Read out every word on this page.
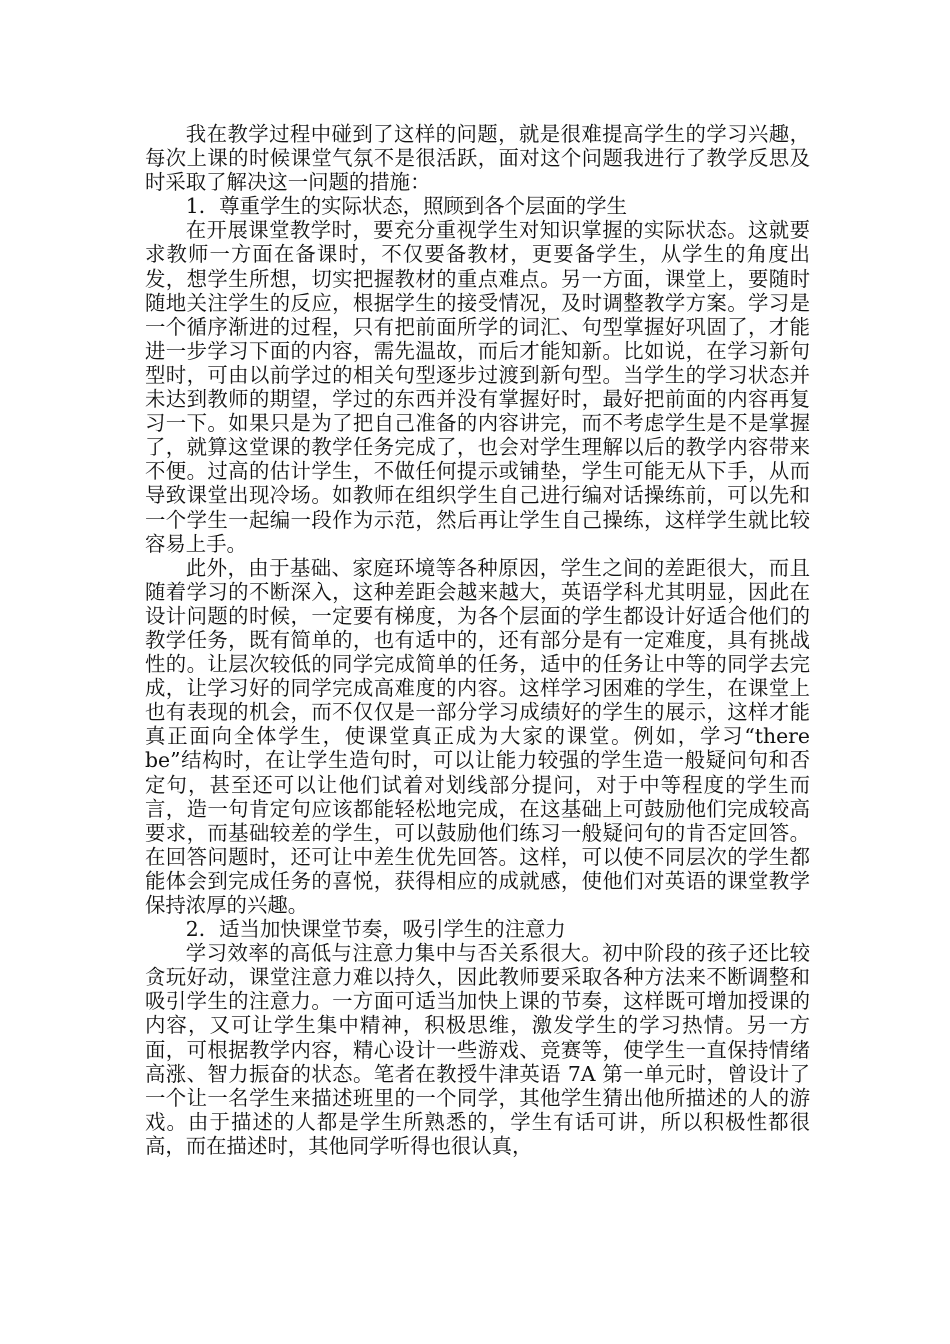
我在教学过程中碰到了这样的问题，就是很难提高学生的学习兴趣，每次上课的时候课堂气氛不是很活跃，面对这个问题我进行了教学反思及时采取了解决这一问题的措施：

1．尊重学生的实际状态，照顾到各个层面的学生

在开展课堂教学时，要充分重视学生对知识掌握的实际状态。这就要求教师一方面在备课时，不仅要备教材，更要备学生，从学生的角度出发，想学生所想，切实把握教材的重点难点。另一方面，课堂上，要随时随地关注学生的反应，根据学生的接受情况，及时调整教学方案。学习是一个循序渐进的过程，只有把前面所学的词汇、句型掌握好巩固了，才能进一步学习下面的内容，需先温故，而后才能知新。比如说，在学习新句型时，可由以前学过的相关句型逐步过渡到新句型。当学生的学习状态并未达到教师的期望，学过的东西并没有掌握好时，最好把前面的内容再复习一下。如果只是为了把自己准备的内容讲完，而不考虑学生是不是掌握了，就算这堂课的教学任务完成了，也会对学生理解以后的教学内容带来不便。过高的估计学生，不做任何提示或铺垫，学生可能无从下手，从而导致课堂出现冷场。如教师在组织学生自己进行编对话操练前，可以先和一个学生一起编一段作为示范，然后再让学生自己操练，这样学生就比较容易上手。

此外，由于基础、家庭环境等各种原因，学生之间的差距很大，而且随着学习的不断深入，这种差距会越来越大，英语学科尤其明显，因此在设计问题的时候，一定要有梯度，为各个层面的学生都设计好适合他们的教学任务，既有简单的，也有适中的，还有部分是有一定难度，具有挑战性的。让层次较低的同学完成简单的任务，适中的任务让中等的同学去完成，让学习好的同学完成高难度的内容。这样学习困难的学生，在课堂上也有表现的机会，而不仅仅是一部分学习成绩好的学生的展示，这样才能真正面向全体学生，使课堂真正成为大家的课堂。例如，学习“there be”结构时，在让学生造句时，可以让能力较强的学生造一般疑问句和否定句，甚至还可以让他们试着对划线部分提问，对于中等程度的学生而言，造一句肯定句应该都能轻松地完成，在这基础上可鼓励他们完成较高要求，而基础较差的学生，可以鼓励他们练习一般疑问句的肯否定回答。在回答问题时，还可让中差生优先回答。这样，可以使不同层次的学生都能体会到完成任务的喜悦，获得相应的成就感，使他们对英语的课堂教学保持浓厚的兴趣。

2．适当加快课堂节奏，吸引学生的注意力

学习效率的高低与注意力集中与否关系很大。初中阶段的孩子还比较贪玩好动，课堂注意力难以持久，因此教师要采取各种方法来不断调整和吸引学生的注意力。一方面可适当加快上课的节奏，这样既可增加授课的内容，又可让学生集中精神，积极思维，激发学生的学习热情。另一方面，可根据教学内容，精心设计一些游戏、竞赛等，使学生一直保持情绪高涨、智力振奋的状态。笔者在教授牛津英语 7A 第一单元时，曾设计了一个让一名学生来描述班里的一个同学，其他学生猜出他所描述的人的游戏。由于描述的人都是学生所熟悉的，学生有话可讲，所以积极性都很高，而在描述时，其他同学听得也很认真，
